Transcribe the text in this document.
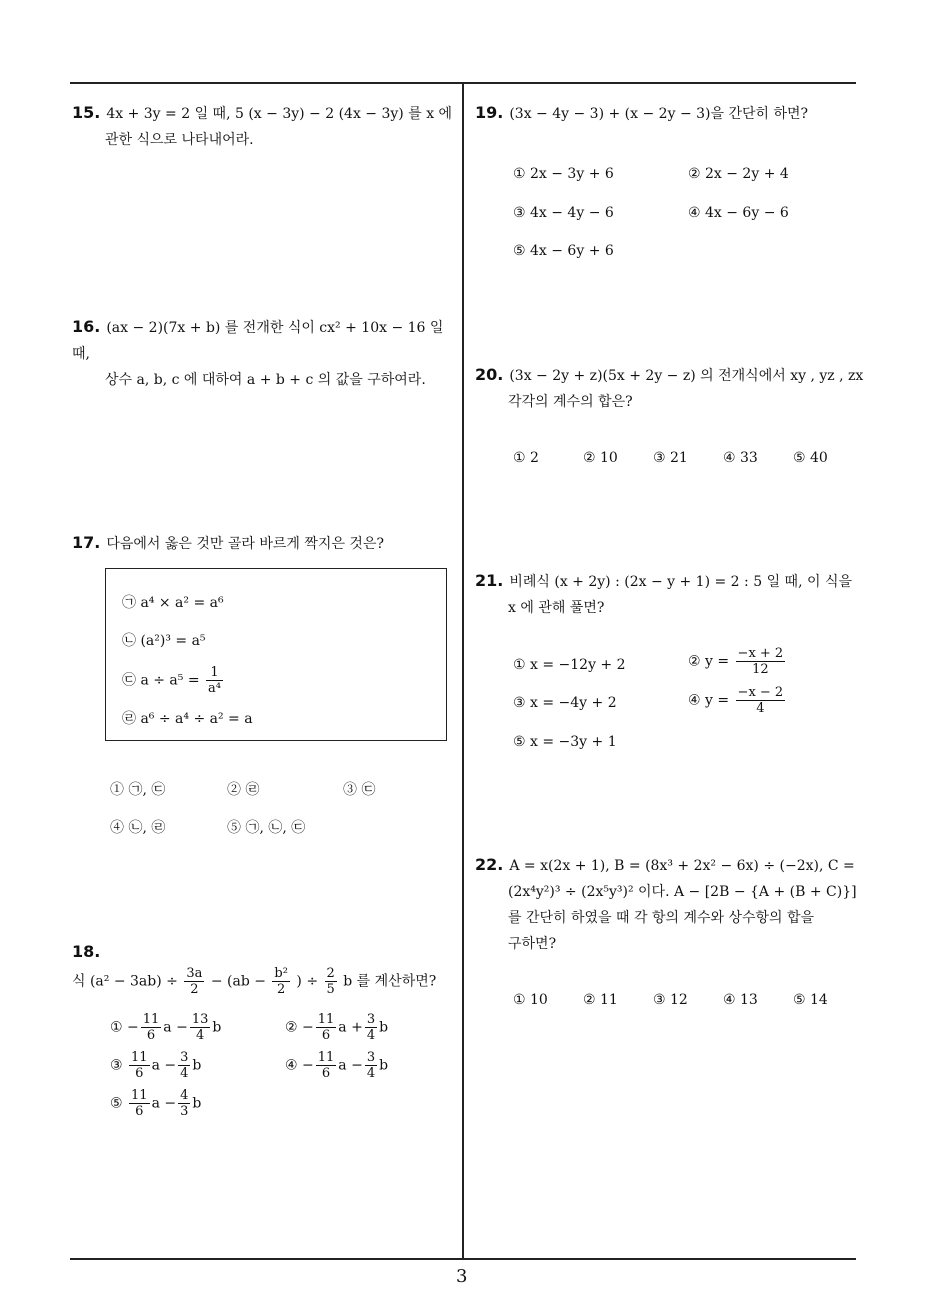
15. 4x + 3y = 2 일 때, 5 (x − 3y) − 2 (4x − 3y) 를 x 에
관한 식으로 나타내어라.
16. (ax − 2)(7x + b) 를 전개한 식이 cx² + 10x − 16 일 때,
상수 a, b, c 에 대하여 a + b + c 의 값을 구하여라.
17. 다음에서 옳은 것만 골라 바르게 짝지은 것은?
㉠ a⁴ × a² = a⁶
㉡ (a²)³ = a⁵
㉢ $a \div a^5 = \frac{1}{\text{a⁴}}$
㉣ a⁶ ÷ a⁴ ÷ a² = a
① ㉠, ㉢	② ㉣	③ ㉢
④ ㉡, ㉣	⑤ ㉠, ㉡, ㉢
18. 식 $(a^2 - 3ab) \div \frac{3a}{2} - (ab - \frac{\text{b²}}{2}$ ) ÷ $\frac{2}{5}$ b 를 계산하면?
① − $\frac{11}{6}$ $a - \frac{13}{4}$ b	② − $\frac{11}{6}$ $a + \frac{3}{4}$ b
③ $\frac{11}{6}$ $a - \frac{3}{4}$ b	④ − $\frac{11}{6}$ $a - \frac{3}{4}$ b
⑤ $\frac{11}{6}$ $a - \frac{4}{3}$ b
19. (3x − 4y − 3) + (x − 2y − 3)을 간단히 하면?
① 2x − 3y + 6	② 2x − 2y + 4
③ 4x − 4y − 6	④ 4x − 6y − 6
⑤ 4x − 6y + 6
20. (3x − 2y + z)(5x + 2y − z) 의 전개식에서 xy , yz , zx
각각의 계수의 합은?
① 2	② 10	③ 21	④ 33	⑤ 40
21. 비례식 (x + 2y) : (2x − y + 1) = 2 : 5 일 때, 이 식을
x 에 관해 풀면?
① x = −12y + 2	② $y = \frac{-x + 2}{12}$
③ x = −4y + 2	④ $y = \frac{-x - 2}{4}$
⑤ x = −3y + 1
22. A = x(2x + 1), B = (8x³ + 2x² − 6x) ÷ (−2x), C =
(2x⁴y²)³ ÷ (2x⁵y³)² 이다. A − [2B − {A + (B + C)}]
를 간단히 하였을 때 각 항의 계수와 상수항의 합을
구하면?
① 10	② 11	③ 12	④ 13	⑤ 14
3
